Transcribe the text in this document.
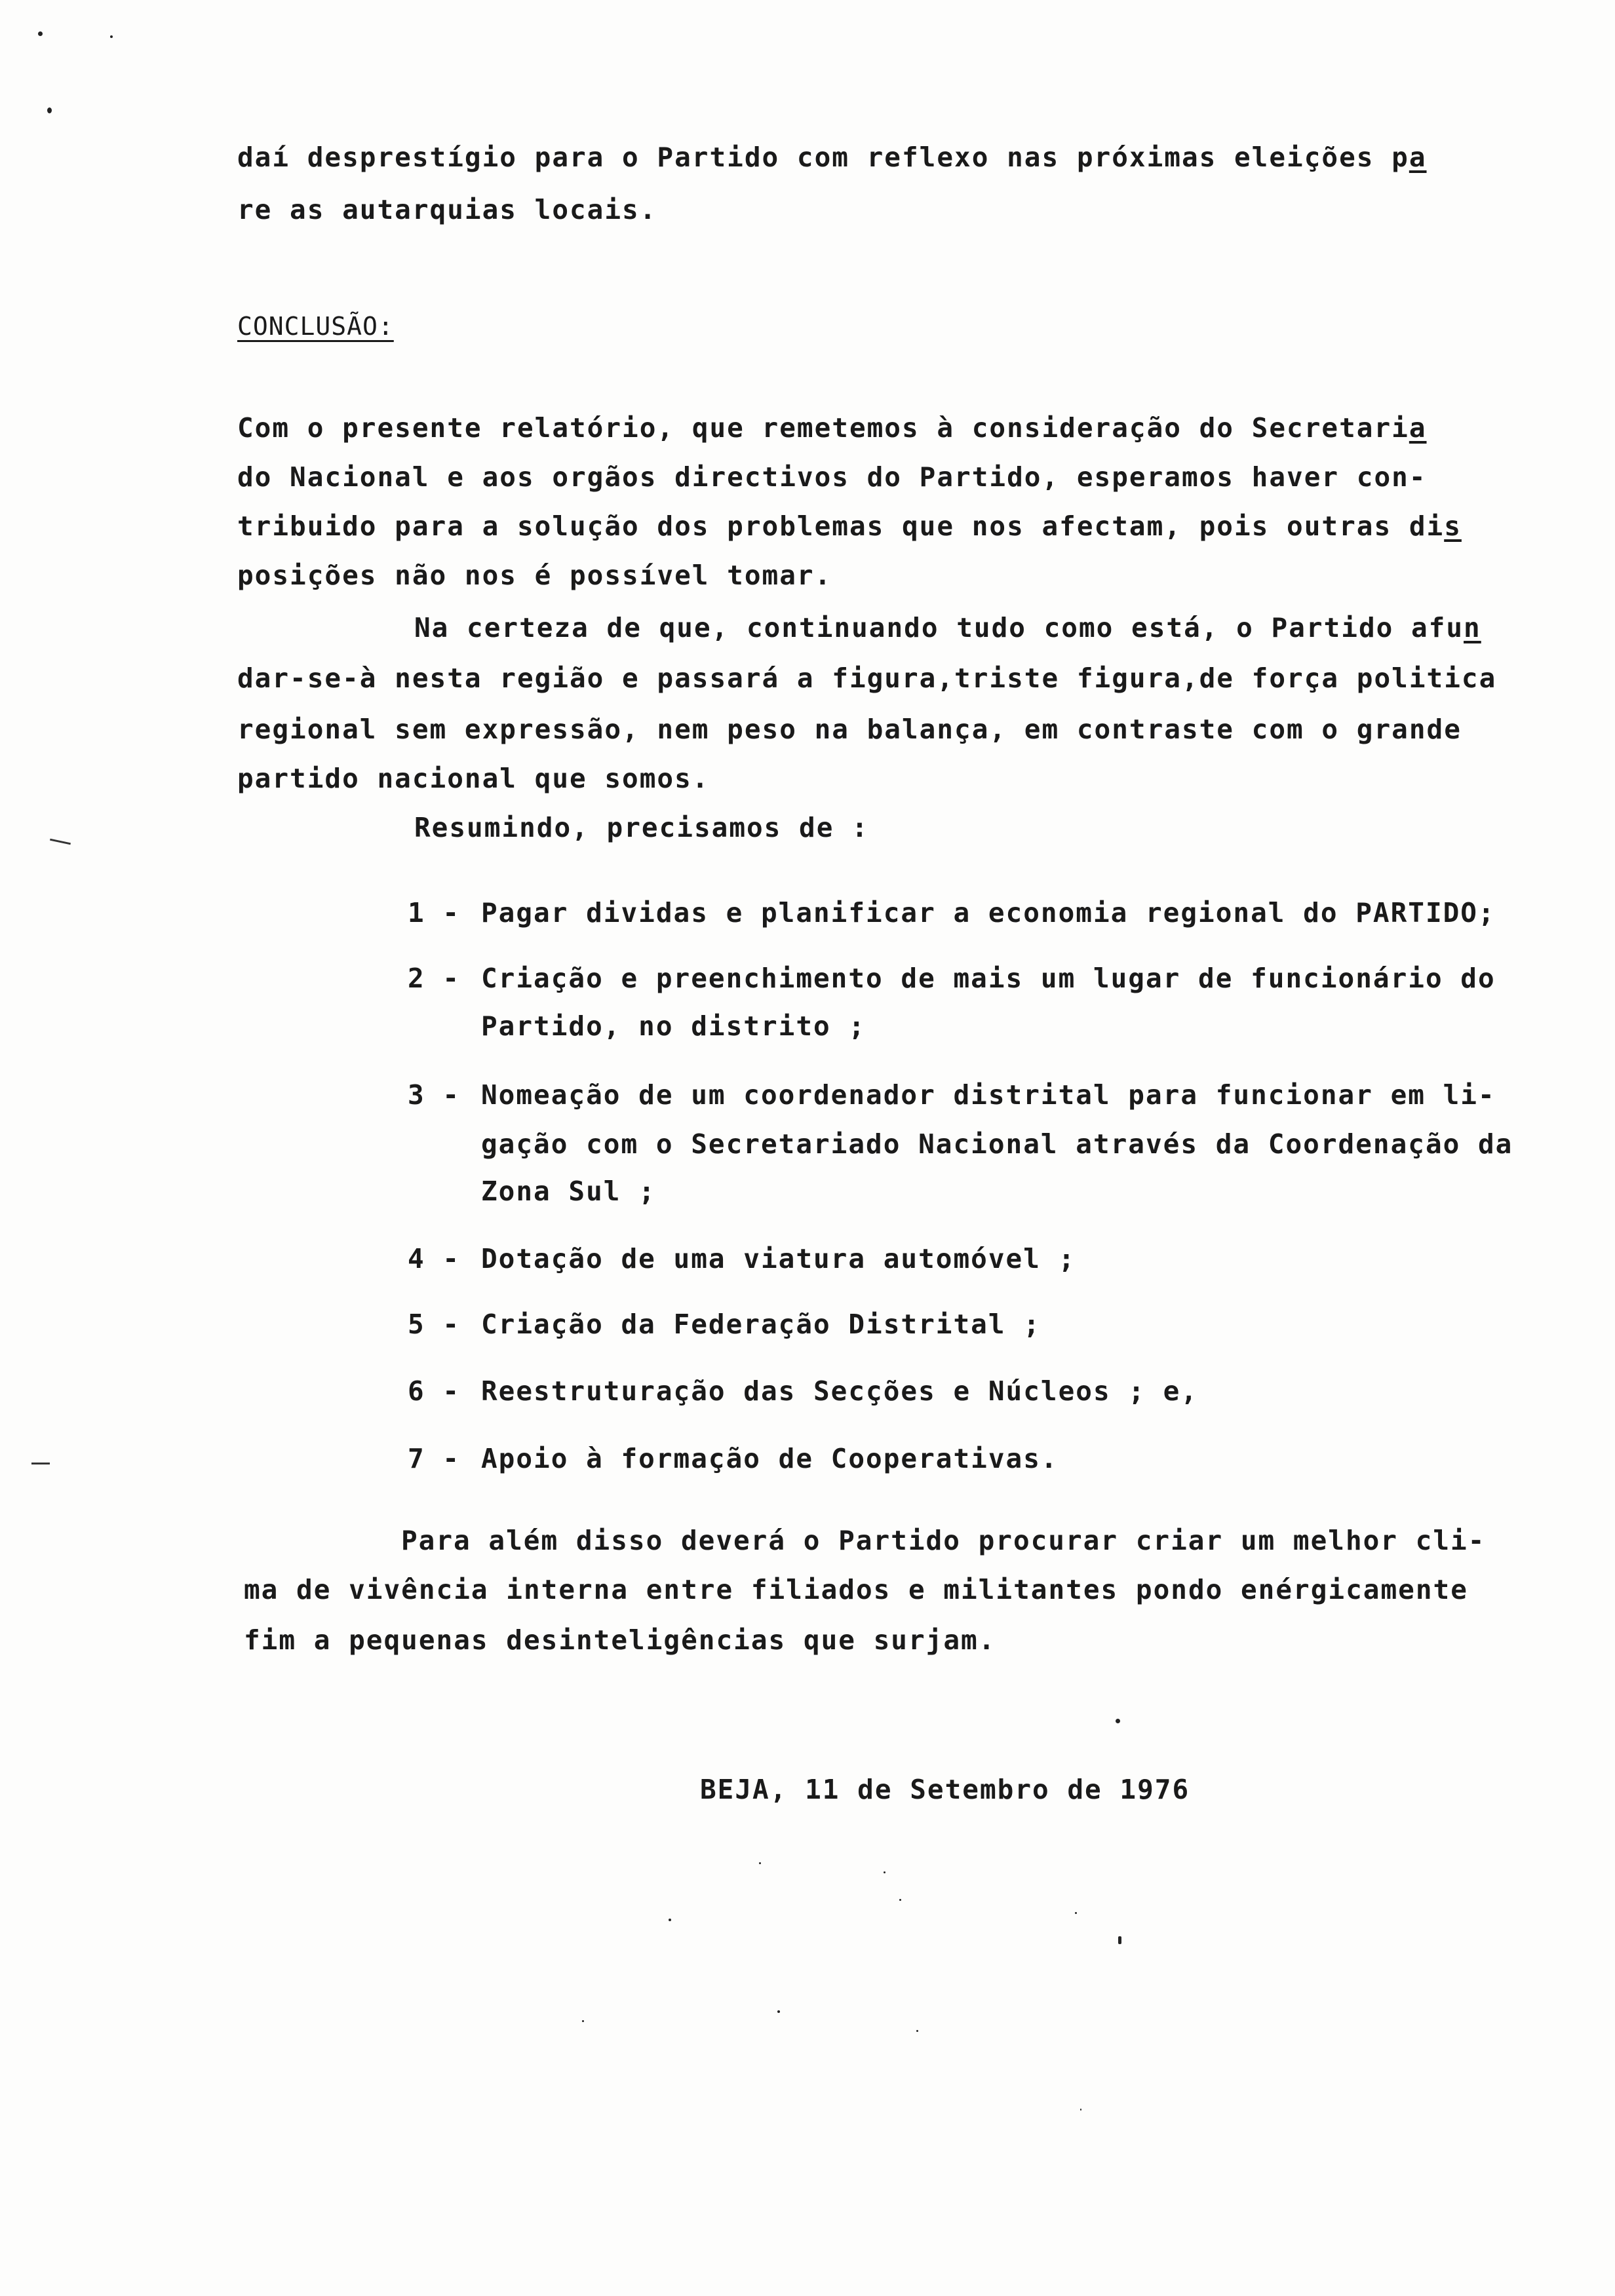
daí desprestígio para o Partido com reflexo nas próximas eleições pa
re as autarquias locais.
CONCLUSÃO:
Com o presente relatório, que remetemos à consideração do Secretaria
do Nacional e aos orgãos directivos do Partido, esperamos haver con-
tribuido para a solução dos problemas que nos afectam, pois outras dis
posições não nos é possível tomar.
Na certeza de que, continuando tudo como está, o Partido afun
dar-se-à nesta região e passará a figura,triste figura,de força politica
regional sem expressão, nem peso na balança, em contraste com o grande
partido nacional que somos.
Resumindo, precisamos de :
1 - Pagar dividas e planificar a economia regional do PARTIDO;
2 - Criação e preenchimento de mais um lugar de funcionário do
Partido, no distrito ;
3 - Nomeação de um coordenador distrital para funcionar em li-
gação com o Secretariado Nacional através da Coordenação da
Zona Sul ;
4 - Dotação de uma viatura automóvel ;
5 - Criação da Federação Distrital ;
6 - Reestruturação das Secções e Núcleos ; e,
7 - Apoio à formação de Cooperativas.
Para além disso deverá o Partido procurar criar um melhor cli-
ma de vivência interna entre filiados e militantes pondo enérgicamente
fim a pequenas desinteligências que surjam.
BEJA, 11 de Setembro de 1976
